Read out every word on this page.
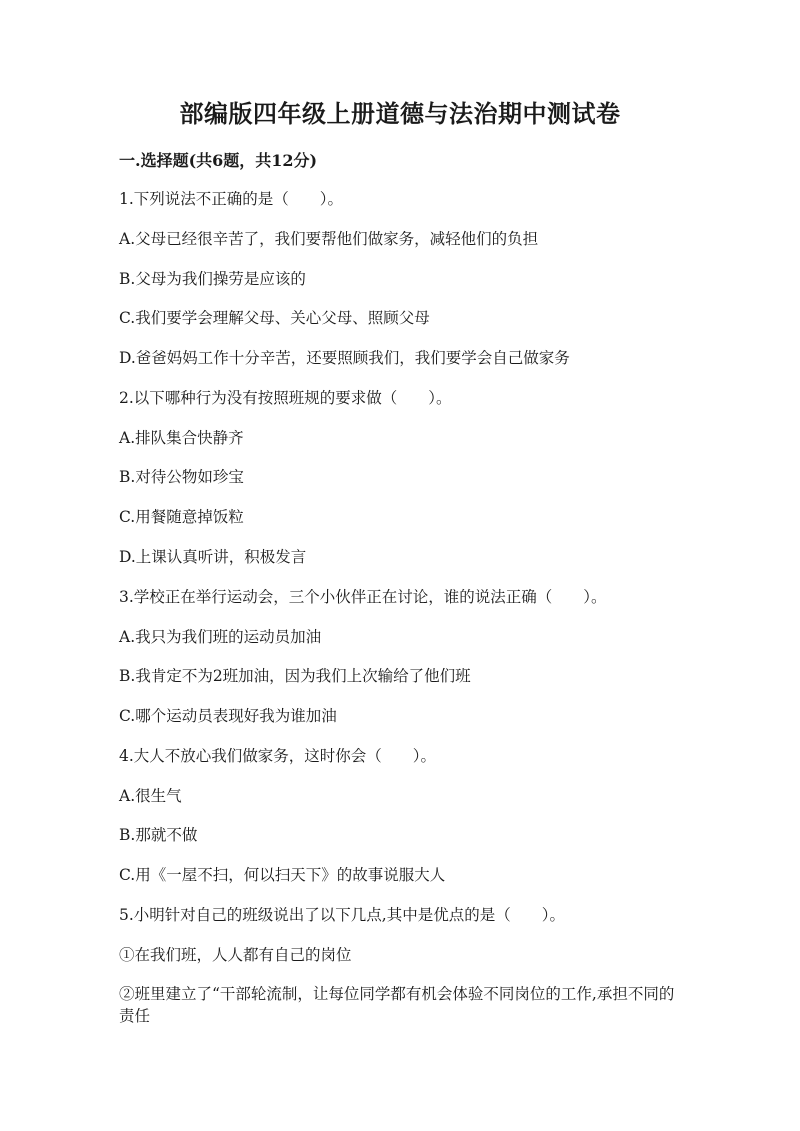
部编版四年级上册道德与法治期中测试卷
一.选择题(共6题，共12分)
1.下列说法不正确的是（　　）。
A.父母已经很辛苦了，我们要帮他们做家务，减轻他们的负担
B.父母为我们操劳是应该的
C.我们要学会理解父母、关心父母、照顾父母
D.爸爸妈妈工作十分辛苦，还要照顾我们，我们要学会自己做家务
2.以下哪种行为没有按照班规的要求做（　　）。
A.排队集合快静齐
B.对待公物如珍宝
C.用餐随意掉饭粒
D.上课认真听讲，积极发言
3.学校正在举行运动会，三个小伙伴正在讨论，谁的说法正确（　　）。
A.我只为我们班的运动员加油
B.我肯定不为2班加油，因为我们上次输给了他们班
C.哪个运动员表现好我为谁加油
4.大人不放心我们做家务，这时你会（　　）。
A.很生气
B.那就不做
C.用《一屋不扫，何以扫天下》的故事说服大人
5.小明针对自己的班级说出了以下几点,其中是优点的是（　　）。
①在我们班，人人都有自己的岗位
②班里建立了“干部轮流制，让每位同学都有机会体验不同岗位的工作,承担不同的责任
